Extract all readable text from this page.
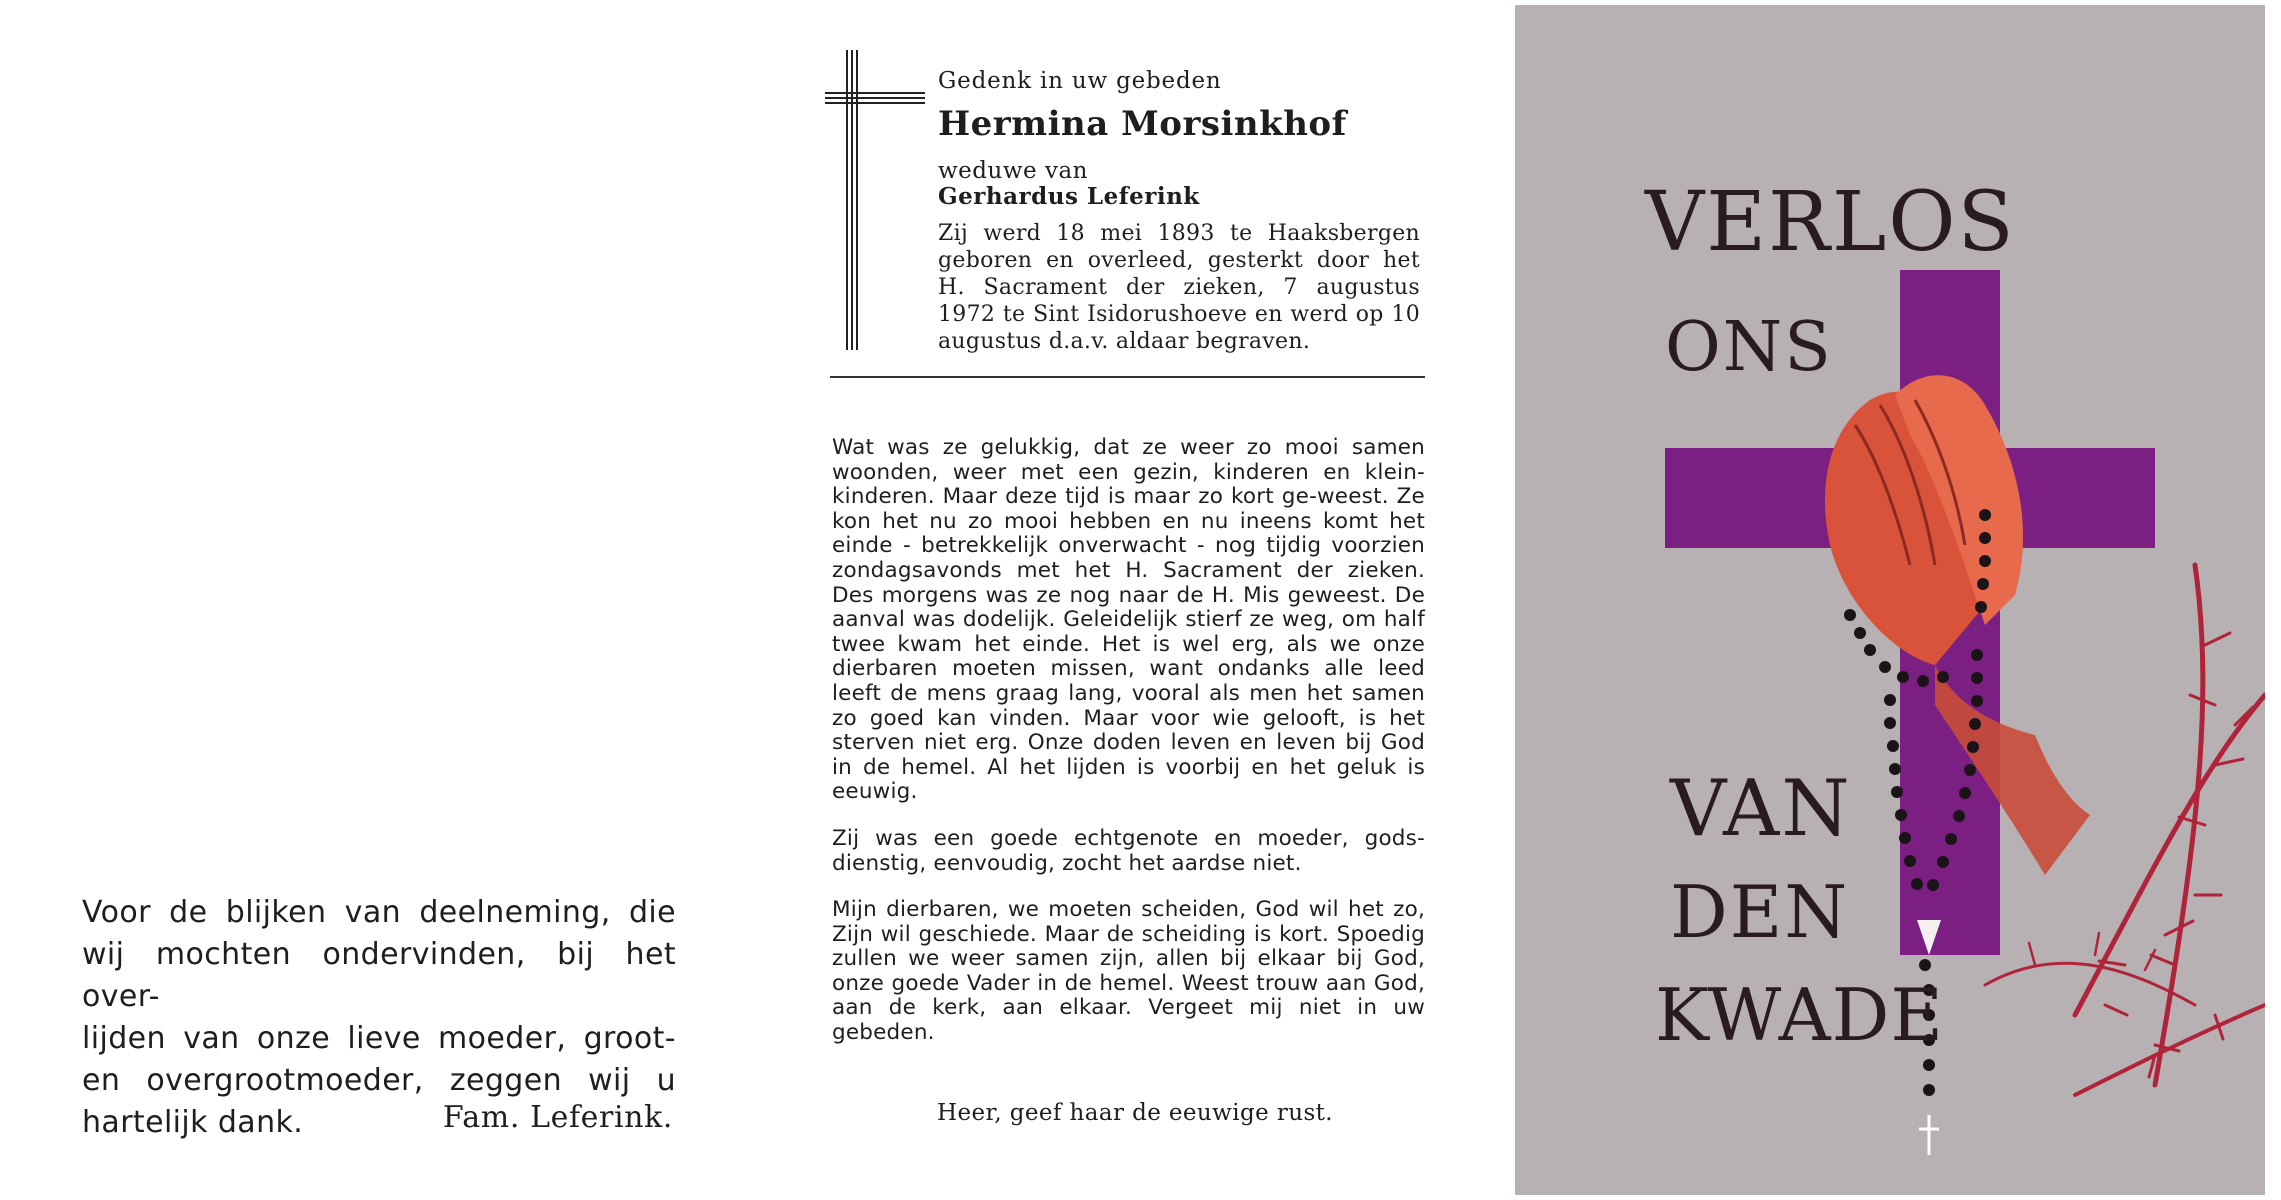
Voor de blijken van deelneming, die
wij mochten ondervinden, bij het over-
lijden van onze lieve moeder, groot-
en overgrootmoeder, zeggen wij u
hartelijk dank.	Fam. Leferink.
Gedenk in uw gebeden
Hermina Morsinkhof
weduwe van
Gerhardus Leferink
Zij werd 18 mei 1893 te Haaksbergen geboren en overleed, gesterkt door het H. Sacrament der zieken, 7 augustus 1972 te Sint Isidorushoeve en werd op 10 augustus d.a.v. aldaar begraven.

Wat was ze gelukkig, dat ze weer zo mooi samen woonden, weer met een gezin, kinderen en klein-kinderen. Maar deze tijd is maar zo kort ge-weest. Ze kon het nu zo mooi hebben en nu ineens komt het einde - betrekkelijk onverwacht - nog tijdig voorzien zondagsavonds met het H. Sacrament der zieken. Des morgens was ze nog naar de H. Mis geweest. De aanval was dodelijk. Geleidelijk stierf ze weg, om half twee kwam het einde. Het is wel erg, als we onze dierbaren moeten missen, want ondanks alle leed leeft de mens graag lang, vooral als men het samen zo goed kan vinden. Maar voor wie gelooft, is het sterven niet erg. Onze doden leven en leven bij God in de hemel. Al het lijden is voorbij en het geluk is eeuwig.

Zij was een goede echtgenote en moeder, gods-dienstig, eenvoudig, zocht het aardse niet.

Mijn dierbaren, we moeten scheiden, God wil het zo, Zijn wil geschiede. Maar de scheiding is kort. Spoedig zullen we weer samen zijn, allen bij elkaar bij God, onze goede Vader in de hemel. Weest trouw aan God, aan de kerk, aan elkaar. Vergeet mij niet in uw gebeden.

Heer, geef haar de eeuwige rust.
VERLOS
ONS
VAN
DEN
KWADE
